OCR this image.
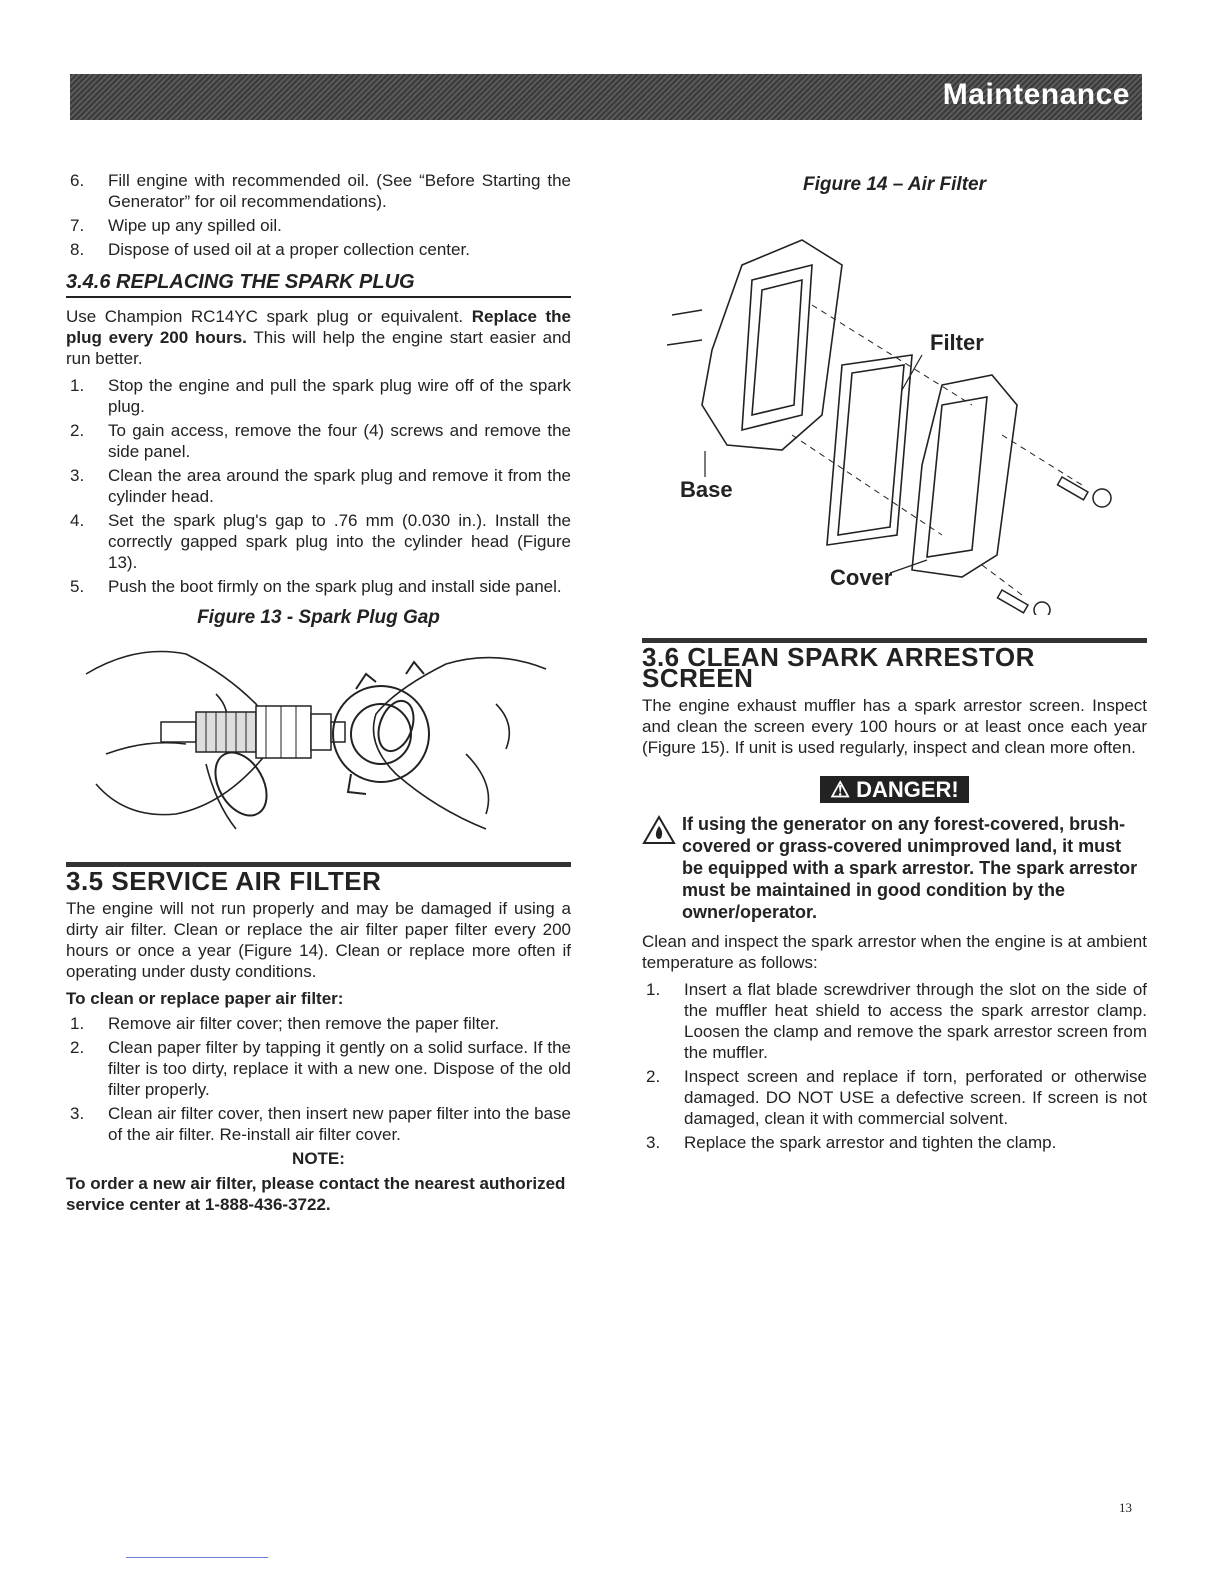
Maintenance
6.	Fill engine with recommended oil. (See “Before Starting the Generator” for oil recommendations).
7.	Wipe up any spilled oil.
8.	Dispose of used oil at a proper collection center.
3.4.6 REPLACING THE SPARK PLUG

Use Champion RC14YC spark plug or equivalent. Replace the plug every 200 hours. This will help the engine start easier and run better.

1.	Stop the engine and pull the spark plug wire off of the spark plug.
2.	To gain access, remove the four (4) screws and remove the side panel.
3.	Clean the area around the spark plug and remove it from the cylinder head.
4.	Set the spark plug's gap to .76 mm (0.030 in.). Install the correctly gapped spark plug into the cylinder head (Figure 13).
5.	Push the boot firmly on the spark plug and install side panel.
Figure 13 - Spark Plug Gap
3.5 SERVICE AIR FILTER

The engine will not run properly and may be damaged if using a dirty air filter. Clean or replace the air filter paper filter every 200 hours or once a year (Figure 14). Clean or replace more often if operating under dusty conditions.

To clean or replace paper air filter:
1.	Remove air filter cover; then remove the paper filter.
2.	Clean paper filter by tapping it gently on a solid surface. If the filter is too dirty, replace it with a new one. Dispose of the old filter properly.
3.	Clean air filter cover, then insert new paper filter into the base of the air filter. Re-install air filter cover.
NOTE:
To order a new air filter, please contact the nearest authorized service center at 1-888-436-3722.
Figure 14 – Air Filter
Filter
Base
Cover
3.6 CLEAN SPARK ARRESTOR SCREEN

The engine exhaust muffler has a spark arrestor screen. Inspect and clean the screen every 100 hours or at least once each year (Figure 15). If unit is used regularly, inspect and clean more often.

⚠ DANGER!
If using the generator on any forest-covered, brush-covered or grass-covered unimproved land, it must be equipped with a spark arrestor. The spark arrestor must be maintained in good condition by the owner/operator.

Clean and inspect the spark arrestor when the engine is at ambient temperature as follows:

1.	Insert a flat blade screwdriver through the slot on the side of the muffler heat shield to access the spark arrestor clamp. Loosen the clamp and remove the spark arrestor screen from the muffler.
2.	Inspect screen and replace if torn, perforated or otherwise damaged. DO NOT USE a defective screen. If screen is not damaged, clean it with commercial solvent.
3.	Replace the spark arrestor and tighten the clamp.
13
